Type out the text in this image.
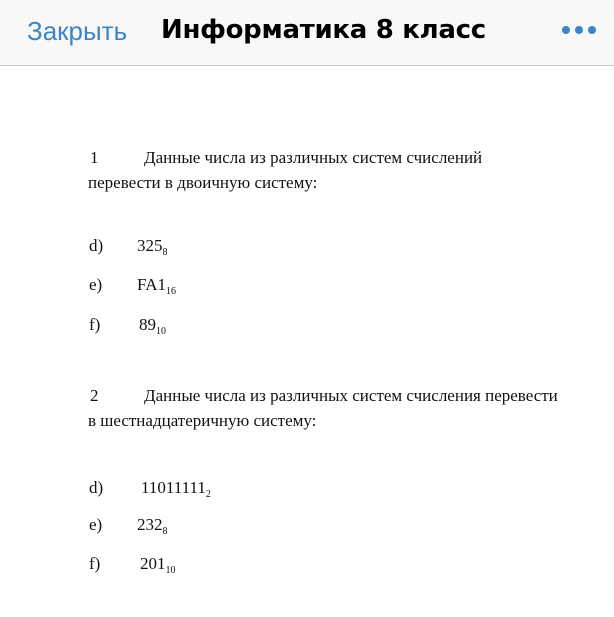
Закрыть Информатика 8 класс
1	Данные числа из различных систем счислений перевести в двоичную систему:
d) $325_8$
e) $FA1_{16}$
f) $89_{10}$
2	Данные числа из различных систем счисления перевести в шестнадцатеричную систему:
d) $11011111_2$
e) $232_8$
f) $201_{10}$
